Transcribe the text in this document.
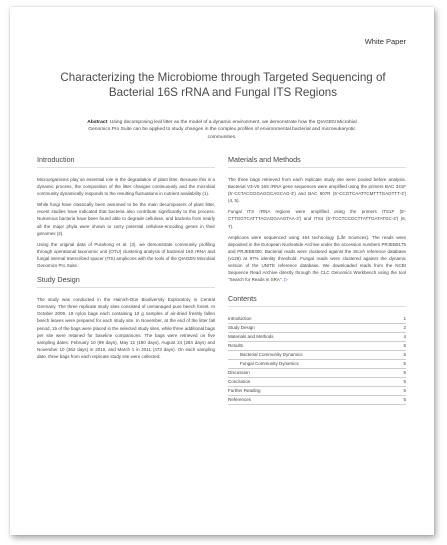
White Paper
Characterizing the Microbiome through Targeted Sequencing of Bacterial 16S rRNA and Fungal ITS Regions
Abstract: Using decomposing leaf litter as the model of a dynamic environment, we demonstrate how the QIAGEN Microbial Genomics Pro Suite can be applied to study changes in the complex profiles of environmental bacterial and microeukaryotic communities.
Introduction

Microorganisms play an essential role in the degradation of plant litter. Because this is a dynamic process, the composition of the litter changes continuously and the microbial community dynamically responds to the resulting fluctuations in nutrient availability (1).

While fungi have classically been assumed to be the main decomposers of plant litter, recent studies have indicated that bacteria also contribute significantly to this process. Numerous bacteria have been found able to degrade cellulose, and bacteria from nearly all the major phyla were shown to carry potential cellulose-encoding genes in their genomes (2).

Using the original data of Purahong et al. (3), we demonstrate community profiling through operational taxonomic unit (OTU) clustering analysis of bacterial 16S rRNA and fungal internal transcribed spacer (ITS) amplicons with the tools of the QIAGEN Microbial Genomics Pro Suite.

Study Design

The study was conducted in the Hainich-Dün Biodiversity Exploratory in Central Germany. The three replicate study sites consisted of unmanaged pure beech forest. In October 2009, 18 nylon bags each containing 10 g samples of air-dried freshly fallen beech leaves were prepared for each study site. In November, at the end of the litter fall period, 15 of the bags were placed in the selected study sites, while three additional bags per site were retained for baseline comparisons. The bags were retrieved on five sampling dates: February 10 (89 days), May 12 (180 days), August 24 (284 days) and November 10 (362 days) in 2010, and March 1 in 2011 (473 days). On each sampling date, three bags from each replicate study site were collected.

Materials and Methods

The three bags retrieved from each replicate study site were pooled before analysis. Bacterial V3-V5 16S rRNA gene sequences were amplified using the primers BAC 341F (5'-CCTACGGGAGGCAGCAG-3') and BAC 907R (5'-CCGTCAATTCMTTTGAGTTT-3') (4, 5).

Fungal ITS rRNA regions were amplified using the primers ITS1F (5'-CTTGGTCATTTAGAGGAAGTAA-3') and ITS4 (5'-TCCTCCGCTTATTGATATGC-3') (6, 7).

Amplicons were sequenced using 454 technology (Life Sciences). The reads were deposited in the European Nucleotide Archive under the accession numbers PRJEB9175 and PRJEB9300. Bacterial reads were clustered against the SILVA reference database (v128) at 97% identity threshold. Fungal reads were clustered against the dynamic version of the UNITE reference database. We downloaded reads from the NCBI Sequence Read Archive directly through the CLC Genomics Workbench using the tool "Search for Reads in SRA". ▷

Contents
Introduction	1
Study Design	2
Materials and Methods	4
Results	5
Bacterial Community Dynamics	5
Fungal Community Dynamics	5
Discussion	5
Conclusion	5
Further Reading	5
References	5
